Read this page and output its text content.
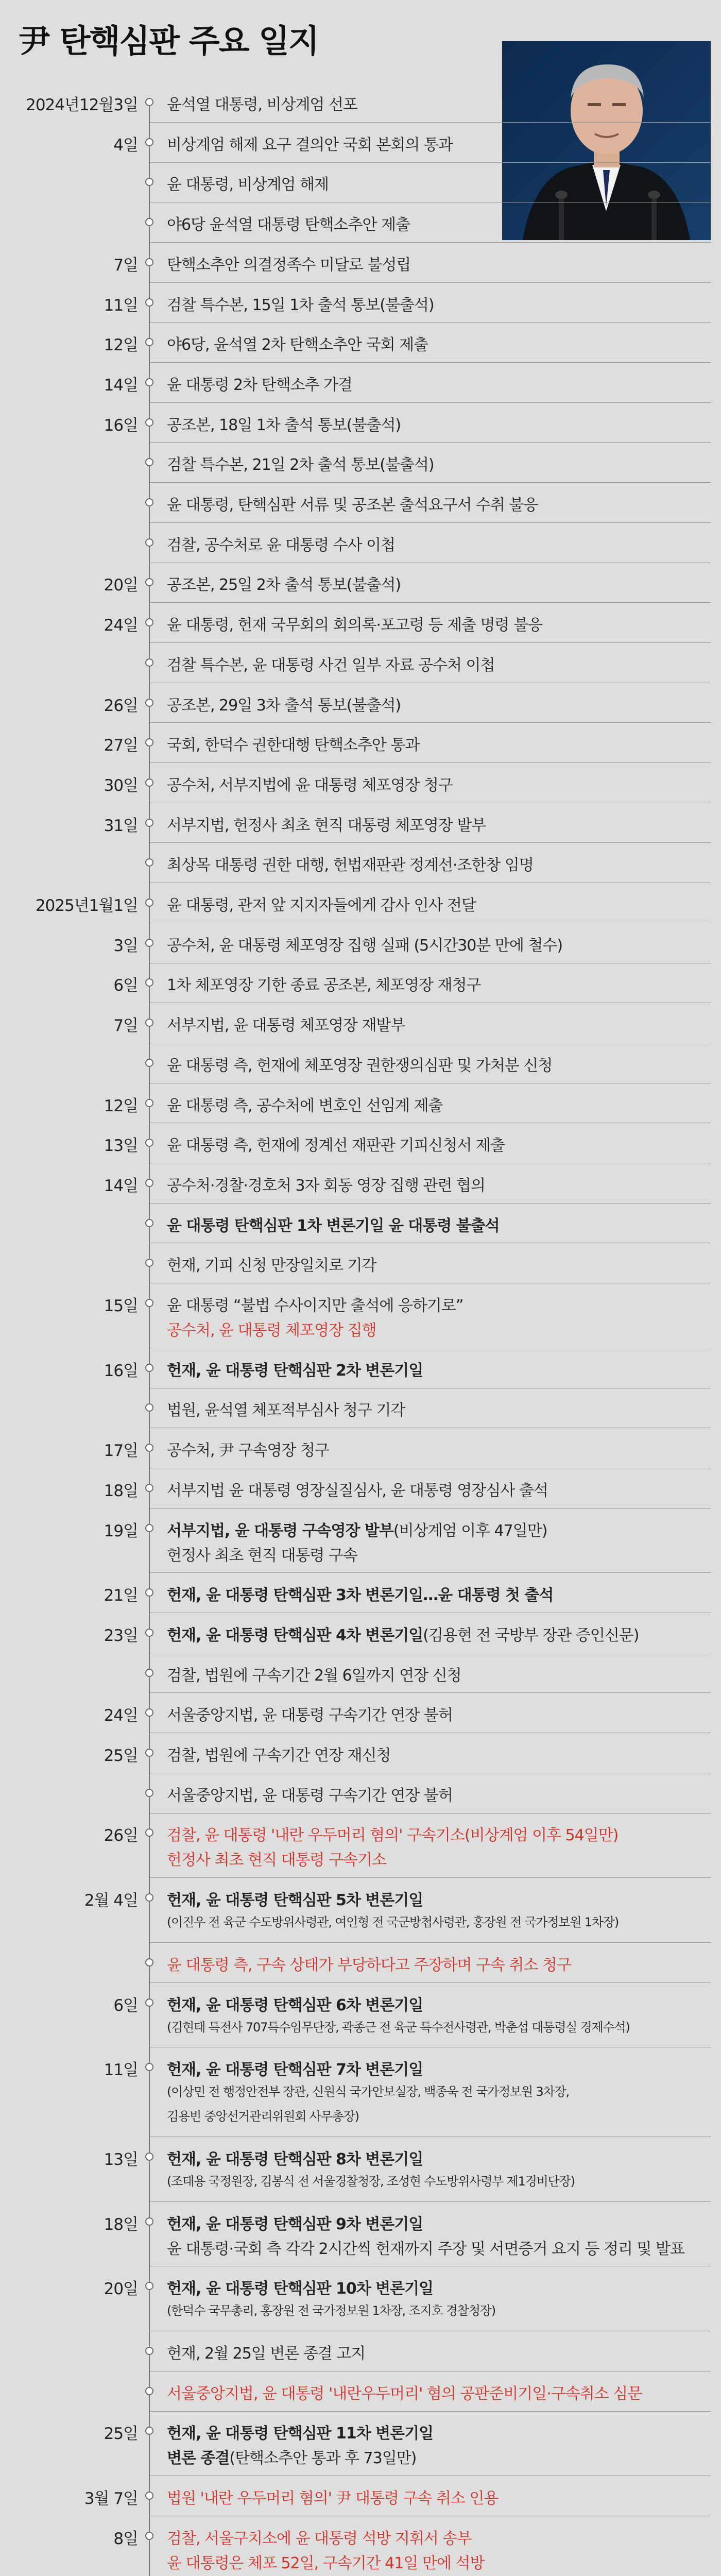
尹 탄핵심판 주요 일지
2024년12월3일 윤석열 대통령, 비상계엄 선포
4일 비상계엄 해제 요구 결의안 국회 본회의 통과
윤 대통령, 비상계엄 해제
야6당 윤석열 대통령 탄핵소추안 제출
7일 탄핵소추안 의결정족수 미달로 불성립
11일 검찰 특수본, 15일 1차 출석 통보(불출석)
12일 야6당, 윤석열 2차 탄핵소추안 국회 제출
14일 윤 대통령 2차 탄핵소추 가결
16일 공조본, 18일 1차 출석 통보(불출석)
검찰 특수본, 21일 2차 출석 통보(불출석)
윤 대통령, 탄핵심판 서류 및 공조본 출석요구서 수취 불응
검찰, 공수처로 윤 대통령 수사 이첩
20일 공조본, 25일 2차 출석 통보(불출석)
24일 윤 대통령, 헌재 국무회의 회의록·포고령 등 제출 명령 불응
검찰 특수본, 윤 대통령 사건 일부 자료 공수처 이첩
26일 공조본, 29일 3차 출석 통보(불출석)
27일 국회, 한덕수 권한대행 탄핵소추안 통과
30일 공수처, 서부지법에 윤 대통령 체포영장 청구
31일 서부지법, 헌정사 최초 현직 대통령 체포영장 발부
최상목 대통령 권한 대행, 헌법재판관 정계선·조한창 임명
2025년1월1일 윤 대통령, 관저 앞 지지자들에게 감사 인사 전달
3일 공수처, 윤 대통령 체포영장 집행 실패 (5시간30분 만에 철수)
6일 1차 체포영장 기한 종료 공조본, 체포영장 재청구
7일 서부지법, 윤 대통령 체포영장 재발부
윤 대통령 측, 헌재에 체포영장 권한쟁의심판 및 가처분 신청
12일 윤 대통령 측, 공수처에 변호인 선임계 제출
13일 윤 대통령 측, 헌재에 정계선 재판관 기피신청서 제출
14일 공수처·경찰·경호처 3자 회동 영장 집행 관련 협의
윤 대통령 탄핵심판 1차 변론기일 윤 대통령 불출석
헌재, 기피 신청 만장일치로 기각
15일 윤 대통령 “불법 수사이지만 출석에 응하기로”
공수처, 윤 대통령 체포영장 집행
16일 헌재, 윤 대통령 탄핵심판 2차 변론기일
법원, 윤석열 체포적부심사 청구 기각
17일 공수처, 尹 구속영장 청구
18일 서부지법 윤 대통령 영장실질심사, 윤 대통령 영장심사 출석
19일 서부지법, 윤 대통령 구속영장 발부(비상계엄 이후 47일만)
헌정사 최초 현직 대통령 구속
21일 헌재, 윤 대통령 탄핵심판 3차 변론기일…윤 대통령 첫 출석
23일 헌재, 윤 대통령 탄핵심판 4차 변론기일(김용현 전 국방부 장관 증인신문)
검찰, 법원에 구속기간 2월 6일까지 연장 신청
24일 서울중앙지법, 윤 대통령 구속기간 연장 불허
25일 검찰, 법원에 구속기간 연장 재신청
서울중앙지법, 윤 대통령 구속기간 연장 불허
26일 검찰, 윤 대통령 '내란 우두머리 혐의' 구속기소(비상계엄 이후 54일만)
헌정사 최초 현직 대통령 구속기소
2월 4일 헌재, 윤 대통령 탄핵심판 5차 변론기일
(이진우 전 육군 수도방위사령관, 여인형 전 국군방첩사령관, 홍장원 전 국가정보원 1차장)
윤 대통령 측, 구속 상태가 부당하다고 주장하며 구속 취소 청구
6일 헌재, 윤 대통령 탄핵심판 6차 변론기일
(김현태 특전사 707특수임무단장, 곽종근 전 육군 특수전사령관, 박춘섭 대통령실 경제수석)
11일 헌재, 윤 대통령 탄핵심판 7차 변론기일
(이상민 전 행정안전부 장관, 신원식 국가안보실장, 백종욱 전 국가정보원 3차장,
김용빈 중앙선거관리위원회 사무총장)
13일 헌재, 윤 대통령 탄핵심판 8차 변론기일
(조태용 국정원장, 김봉식 전 서울경찰청장, 조성현 수도방위사령부 제1경비단장)
18일 헌재, 윤 대통령 탄핵심판 9차 변론기일
윤 대통령·국회 측 각각 2시간씩 헌재까지 주장 및 서면증거 요지 등 정리 및 발표
20일 헌재, 윤 대통령 탄핵심판 10차 변론기일
(한덕수 국무총리, 홍장원 전 국가정보원 1차장, 조지호 경찰청장)
헌재, 2월 25일 변론 종결 고지
서울중앙지법, 윤 대통령 '내란우두머리' 혐의 공판준비기일·구속취소 심문
25일 헌재, 윤 대통령 탄핵심판 11차 변론기일
변론 종결(탄핵소추안 통과 후 73일만)
3월 7일 법원 '내란 우두머리 혐의' 尹 대통령 구속 취소 인용
8일 검찰, 서울구치소에 윤 대통령 석방 지휘서 송부
윤 대통령은 체포 52일, 구속기간 41일 만에 석방
